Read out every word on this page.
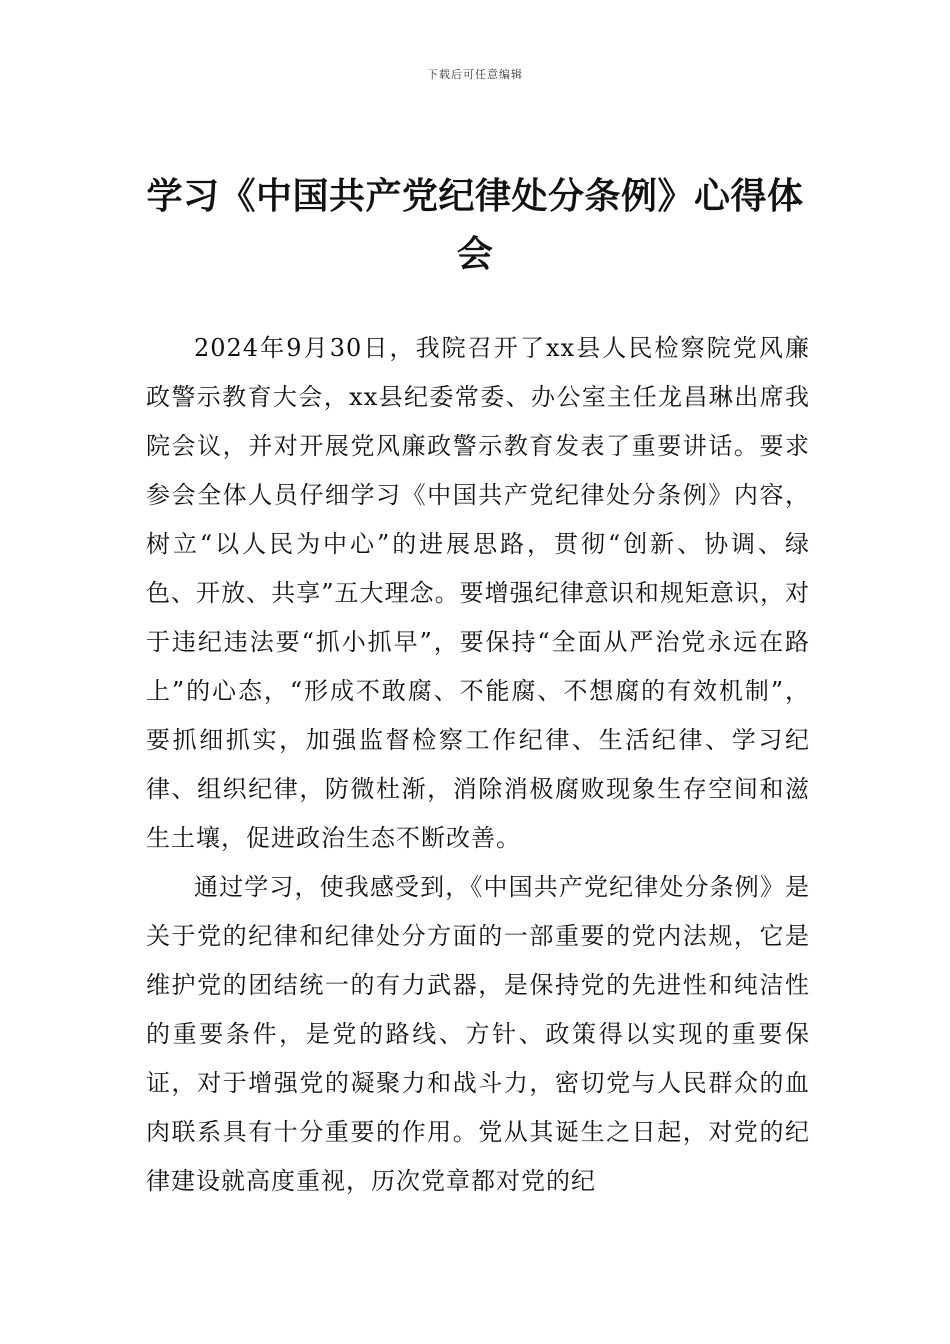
下载后可任意编辑
学习《中国共产党纪律处分条例》心得体会

2024年9月30日，我院召开了xx县人民检察院党风廉政警示教育大会，xx县纪委常委、办公室主任龙昌琳出席我院会议，并对开展党风廉政警示教育发表了重要讲话。要求参会全体人员仔细学习《中国共产党纪律处分条例》内容，树立“以人民为中心”的进展思路，贯彻“创新、协调、绿色、开放、共享”五大理念。要增强纪律意识和规矩意识，对于违纪违法要“抓小抓早”，要保持“全面从严治党永远在路上”的心态，“形成不敢腐、不能腐、不想腐的有效机制”，要抓细抓实，加强监督检察工作纪律、生活纪律、学习纪律、组织纪律，防微杜渐，消除消极腐败现象生存空间和滋生土壤，促进政治生态不断改善。

通过学习，使我感受到，《中国共产党纪律处分条例》是关于党的纪律和纪律处分方面的一部重要的党内法规，它是维护党的团结统一的有力武器，是保持党的先进性和纯洁性的重要条件，是党的路线、方针、政策得以实现的重要保证，对于增强党的凝聚力和战斗力，密切党与人民群众的血肉联系具有十分重要的作用。党从其诞生之日起，对党的纪律建设就高度重视，历次党章都对党的纪
